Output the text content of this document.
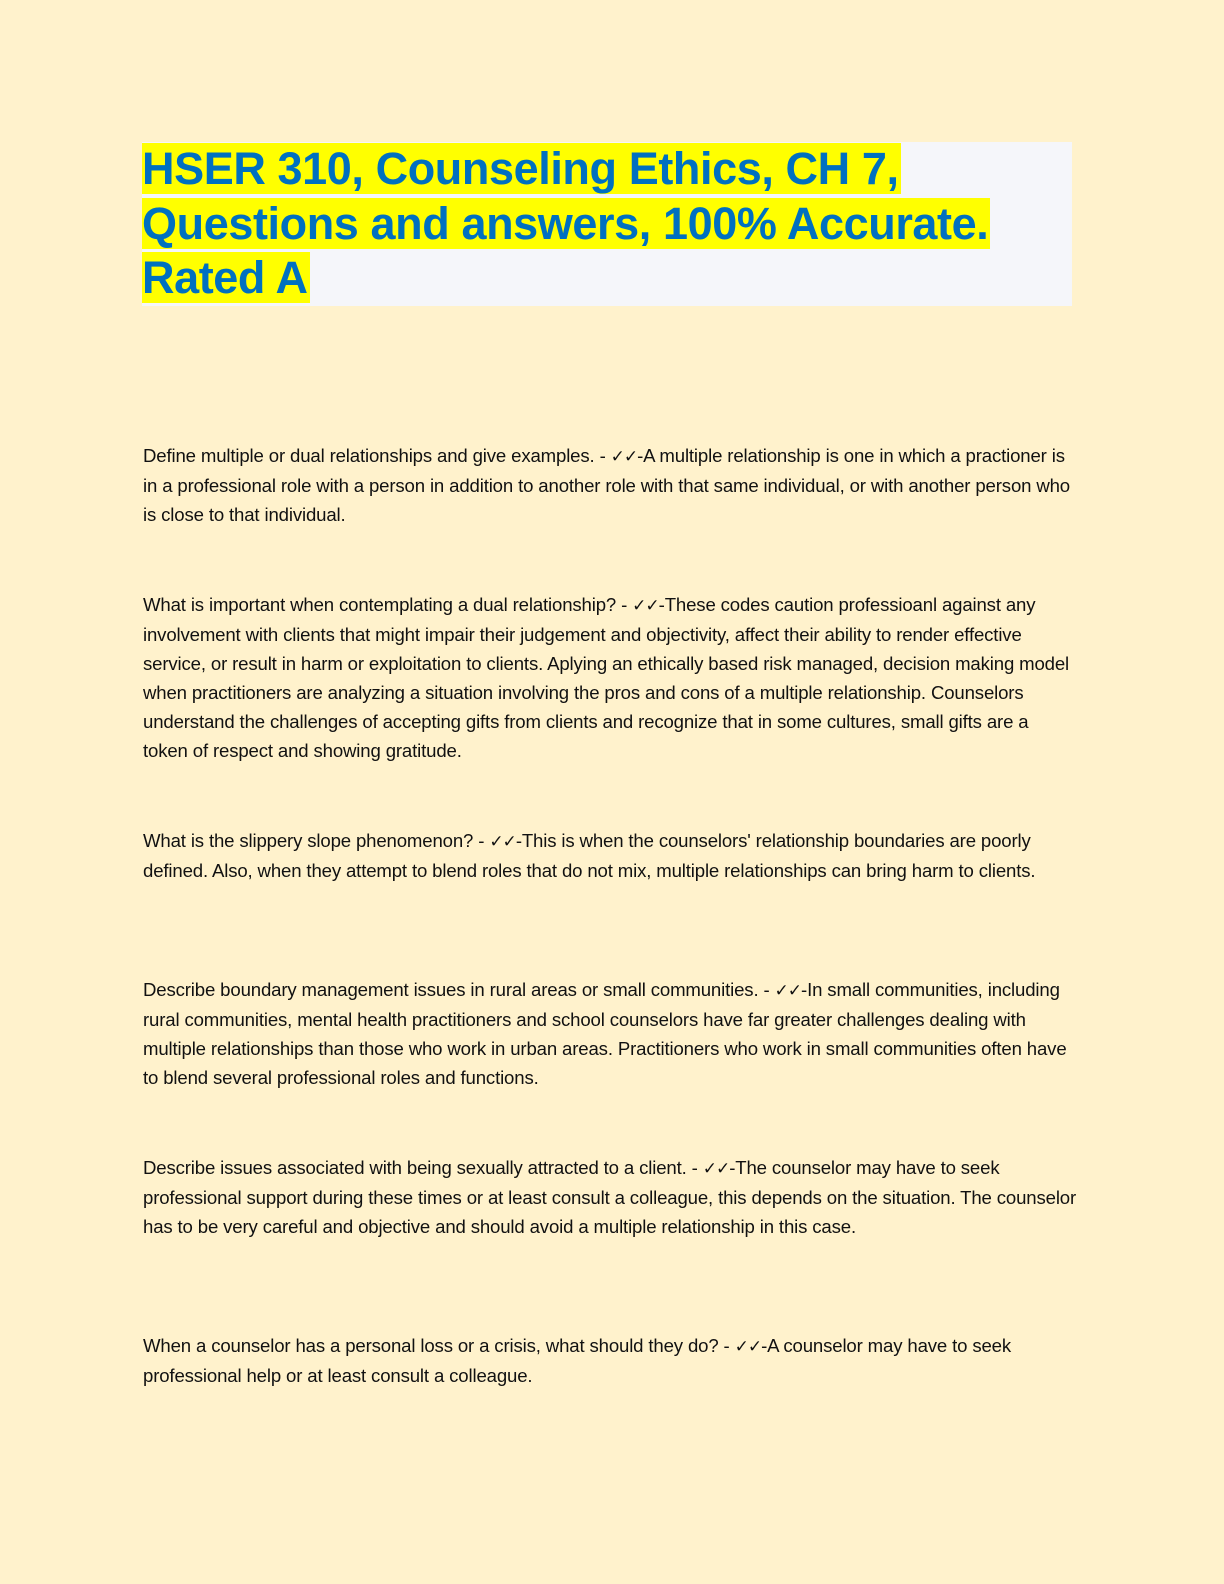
HSER 310, Counseling Ethics, CH 7,
Questions and answers, 100% Accurate.
Rated A

Define multiple or dual relationships and give examples. - ✓✓-A multiple relationship is one in which a practioner is in a professional role with a person in addition to another role with that same individual, or with another person who is close to that individual.

What is important when contemplating a dual relationship? - ✓✓-These codes caution professioanl against any involvement with clients that might impair their judgement and objectivity, affect their ability to render effective service, or result in harm or exploitation to clients. Aplying an ethically based risk managed, decision making model when practitioners are analyzing a situation involving the pros and cons of a multiple relationship. Counselors understand the challenges of accepting gifts from clients and recognize that in some cultures, small gifts are a token of respect and showing gratitude.

What is the slippery slope phenomenon? - ✓✓-This is when the counselors' relationship boundaries are poorly defined. Also, when they attempt to blend roles that do not mix, multiple relationships can bring harm to clients.

Describe boundary management issues in rural areas or small communities. - ✓✓-In small communities, including rural communities, mental health practitioners and school counselors have far greater challenges dealing with multiple relationships than those who work in urban areas. Practitioners who work in small communities often have to blend several professional roles and functions.

Describe issues associated with being sexually attracted to a client. - ✓✓-The counselor may have to seek professional support during these times or at least consult a colleague, this depends on the situation. The counselor has to be very careful and objective and should avoid a multiple relationship in this case.

When a counselor has a personal loss or a crisis, what should they do? - ✓✓-A counselor may have to seek professional help or at least consult a colleague.
